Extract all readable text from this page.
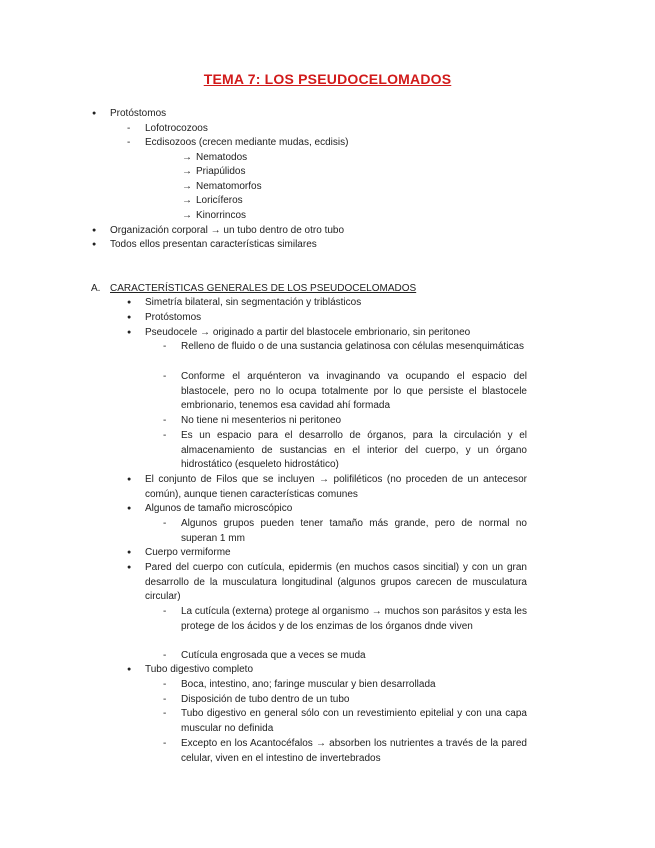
TEMA 7: LOS PSEUDOCELOMADOS
● Protóstomos
- Lofotrocozoos
- Ecdisozoos (crecen mediante mudas, ecdisis)
→ Nematodos
→ Priapúlidos
→ Nematomorfos
→ Loricíferos
→ Kinorrincos
● Organización corporal → un tubo dentro de otro tubo
● Todos ellos presentan características similares
A. CARACTERÍSTICAS GENERALES DE LOS PSEUDOCELOMADOS
● Simetría bilateral, sin segmentación y triblásticos
● Protóstomos
● Pseudocele → originado a partir del blastocele embrionario, sin peritoneo
- Relleno de fluido o de una sustancia gelatinosa con células mesenquimáticas
- Conforme el arquénteron va invaginando va ocupando el espacio del blastocele, pero no lo ocupa totalmente por lo que persiste el blastocele embrionario, tenemos esa cavidad ahí formada
- No tiene ni mesenterios ni peritoneo
- Es un espacio para el desarrollo de órganos, para la circulación y el almacenamiento de sustancias en el interior del cuerpo, y un órgano hidrostático (esqueleto hidrostático)
● El conjunto de Filos que se incluyen → polifiléticos (no proceden de un antecesor común), aunque tienen características comunes
● Algunos de tamaño microscópico
- Algunos grupos pueden tener tamaño más grande, pero de normal no superan 1 mm
● Cuerpo vermiforme
● Pared del cuerpo con cutícula, epidermis (en muchos casos sincitial) y con un gran desarrollo de la musculatura longitudinal (algunos grupos carecen de musculatura circular)
- La cutícula (externa) protege al organismo → muchos son parásitos y esta les protege de los ácidos y de los enzimas de los órganos dnde viven
- Cutícula engrosada que a veces se muda
● Tubo digestivo completo
- Boca, intestino, ano; faringe muscular y bien desarrollada
- Disposición de tubo dentro de un tubo
- Tubo digestivo en general sólo con un revestimiento epitelial y con una capa muscular no definida
- Excepto en los Acantocéfalos → absorben los nutrientes a través de la pared celular, viven en el intestino de invertebrados
